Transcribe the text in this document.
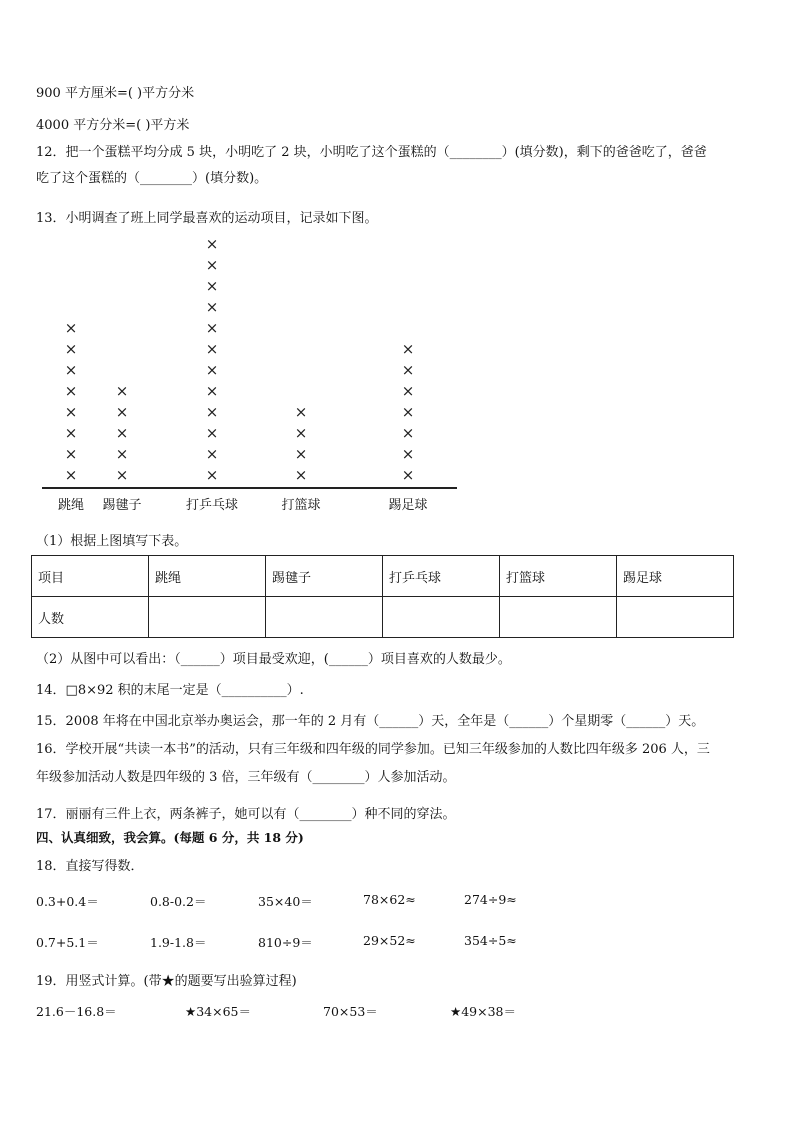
900 平方厘米=( )平方分米
4000 平方分米=( )平方米
12．把一个蛋糕平均分成 5 块，小明吃了 2 块，小明吃了这个蛋糕的（________）(填分数)，剩下的爸爸吃了，爸爸
吃了这个蛋糕的（________）(填分数)。
13．小明调查了班上同学最喜欢的运动项目，记录如下图。
×
×
×
×
×
×
×
×
跳绳
×
×
×
×
×
踢毽子
×
×
×
×
×
×
×
×
×
×
×
×
打乒乓球
×
×
×
×
打篮球
×
×
×
×
×
×
×
踢足球
（1）根据上图填写下表。
项目	跳绳	踢毽子	打乒乓球	打篮球	踢足球
人数					
（2）从图中可以看出：（______）项目最受欢迎，(______）项目喜欢的人数最少。
14．□8×92 积的末尾一定是（__________）.
15．2008 年将在中国北京举办奥运会，那一年的 2 月有（______）天，全年是（______）个星期零（______）天。
16．学校开展“共读一本书”的活动，只有三年级和四年级的同学参加。已知三年级参加的人数比四年级多 206 人，三
年级参加活动人数是四年级的 3 倍，三年级有（________）人参加活动。
17．丽丽有三件上衣，两条裤子，她可以有（________）种不同的穿法。
四、认真细致，我会算。(每题 6 分，共 18 分)
18．直接写得数．
0.3+0.4＝	0.8-0.2＝	35×40＝	78×62≈	274÷9≈
0.7+5.1＝	1.9-1.8＝	810÷9＝	29×52≈	354÷5≈
19．用竖式计算。(带★的题要写出验算过程)
21.6－16.8＝	★34×65＝	70×53＝	★49×38＝
